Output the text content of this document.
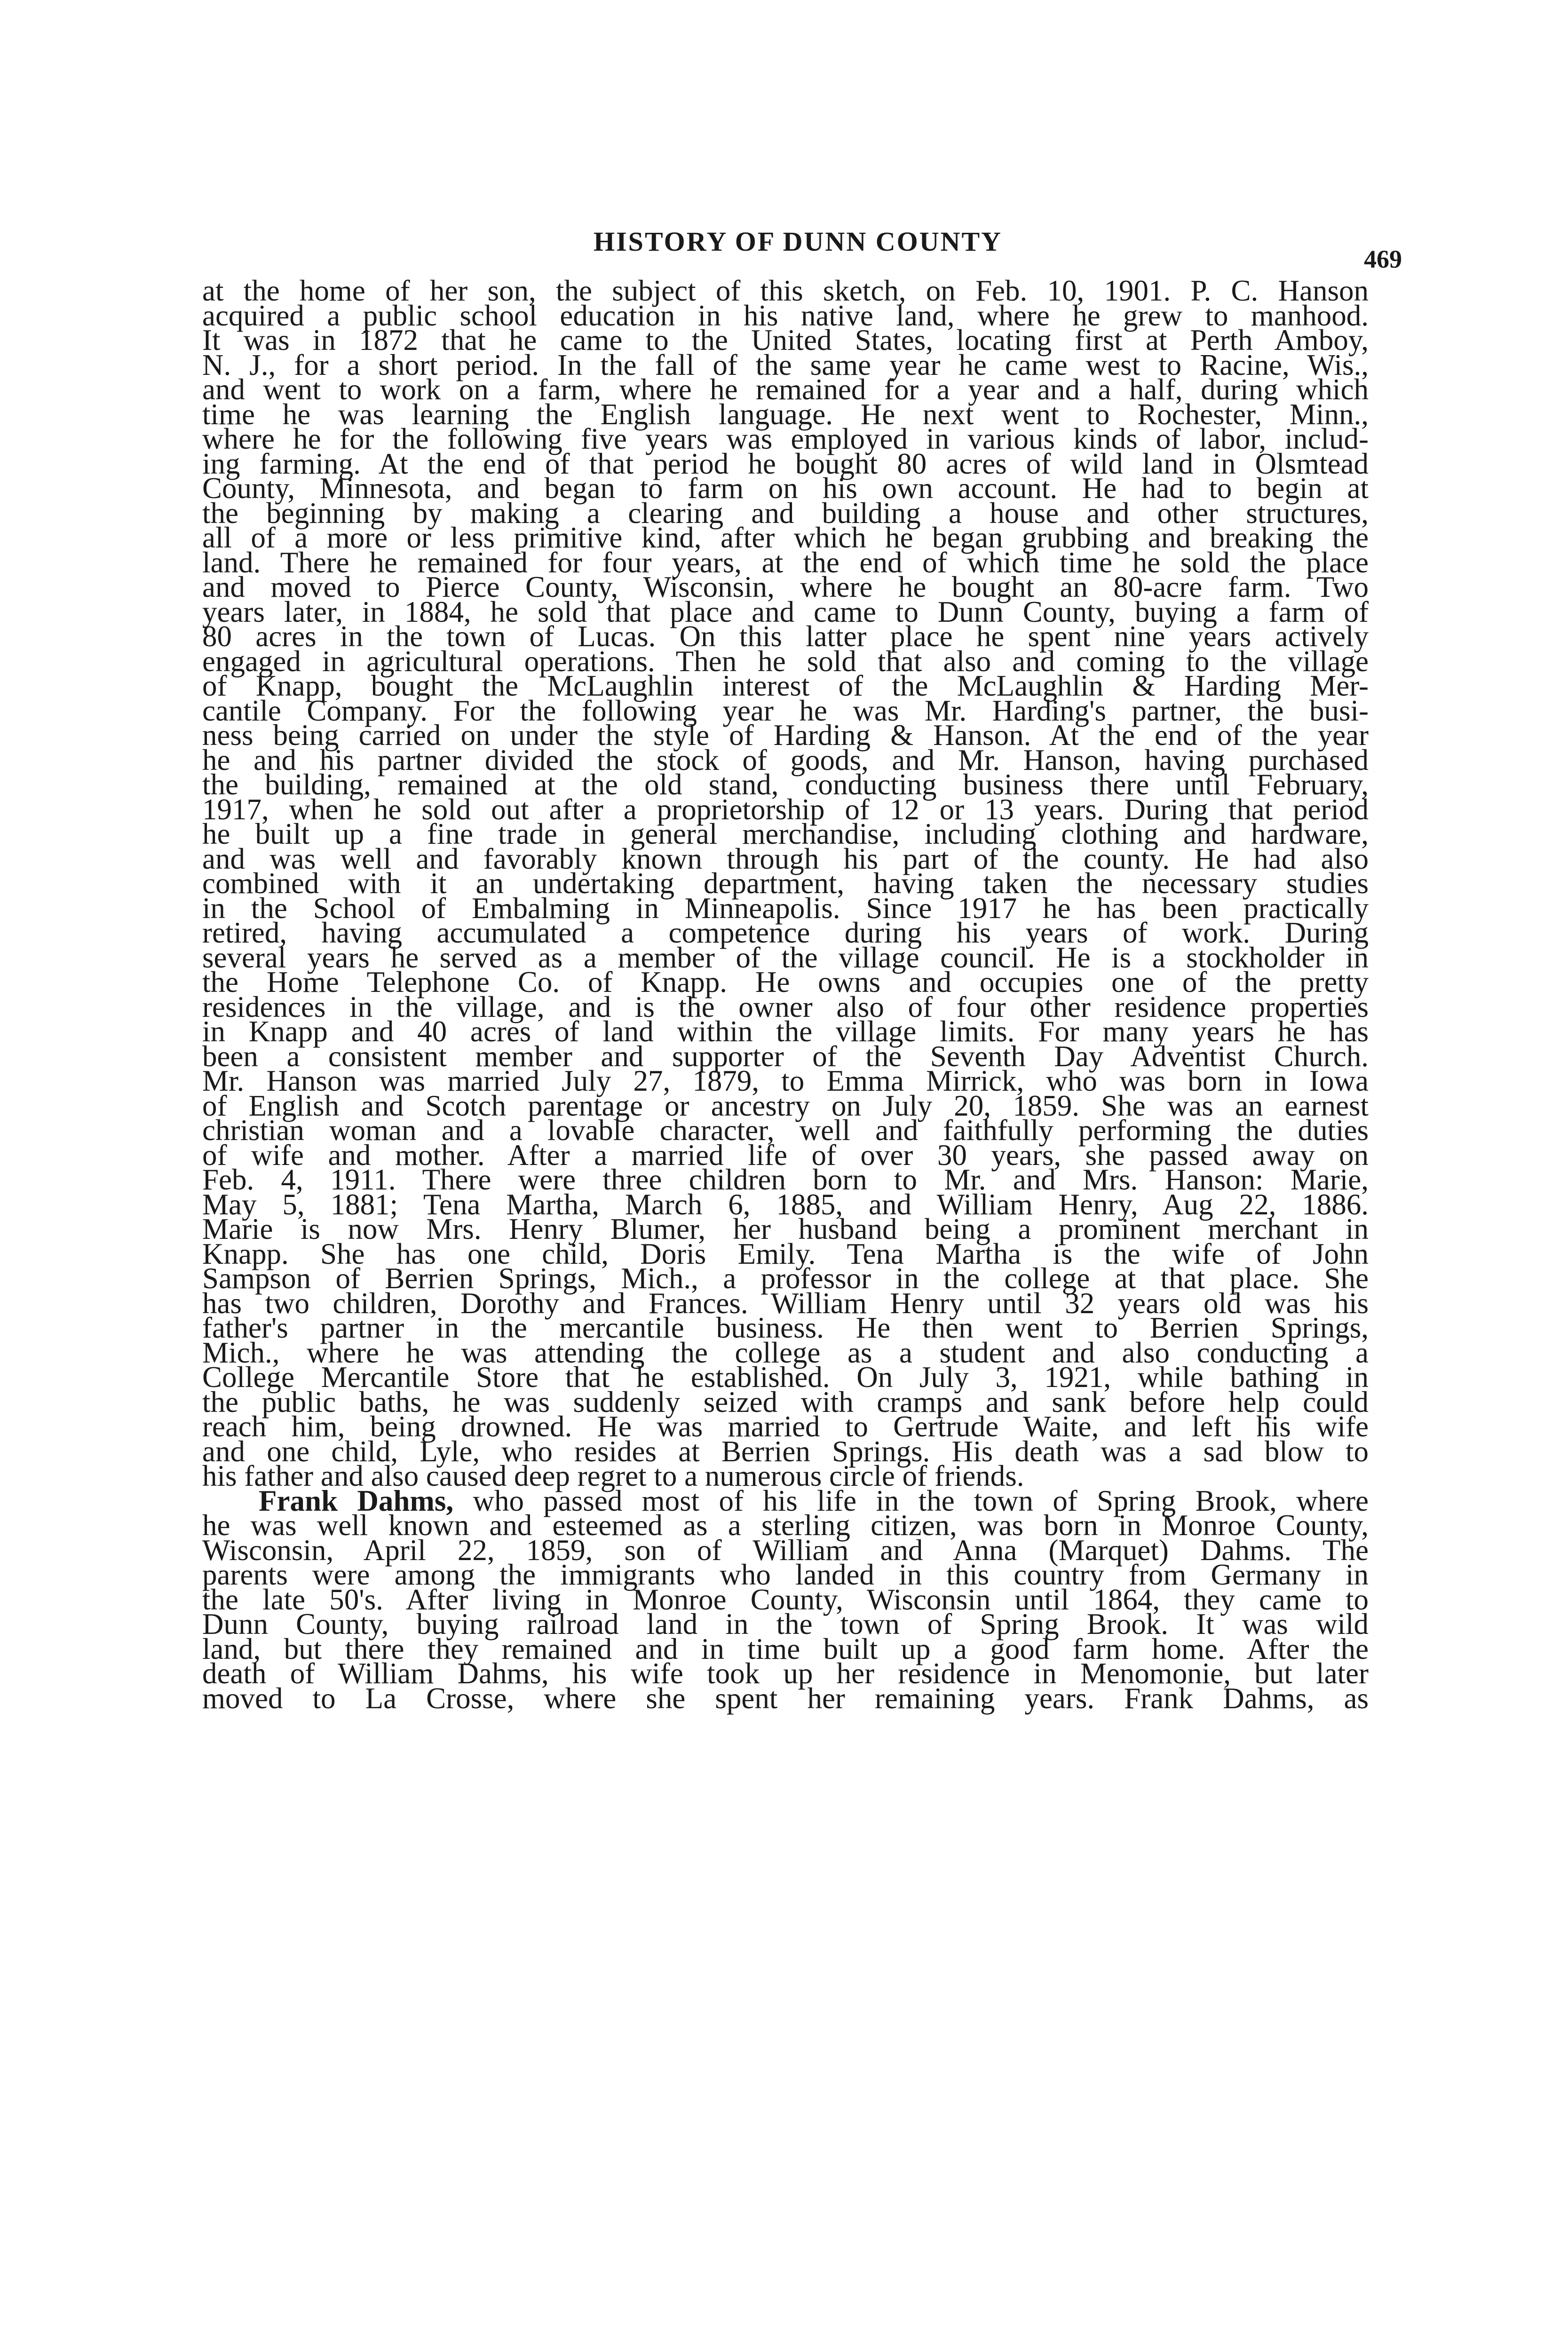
HISTORY OF DUNN COUNTY
469
at the home of her son, the subject of this sketch, on Feb. 10, 1901. P. C. Hanson
acquired a public school education in his native land, where he grew to manhood.
It was in 1872 that he came to the United States, locating first at Perth Amboy,
N. J., for a short period. In the fall of the same year he came west to Racine, Wis.,
and went to work on a farm, where he remained for a year and a half, during which
time he was learning the English language. He next went to Rochester, Minn.,
where he for the following five years was employed in various kinds of labor, includ-
ing farming. At the end of that period he bought 80 acres of wild land in Olsmtead
County, Minnesota, and began to farm on his own account. He had to begin at
the beginning by making a clearing and building a house and other structures,
all of a more or less primitive kind, after which he began grubbing and breaking the
land. There he remained for four years, at the end of which time he sold the place
and moved to Pierce County, Wisconsin, where he bought an 80-acre farm. Two
years later, in 1884, he sold that place and came to Dunn County, buying a farm of
80 acres in the town of Lucas. On this latter place he spent nine years actively
engaged in agricultural operations. Then he sold that also and coming to the village
of Knapp, bought the McLaughlin interest of the McLaughlin & Harding Mer-
cantile Company. For the following year he was Mr. Harding's partner, the busi-
ness being carried on under the style of Harding & Hanson. At the end of the year
he and his partner divided the stock of goods, and Mr. Hanson, having purchased
the building, remained at the old stand, conducting business there until February,
1917, when he sold out after a proprietorship of 12 or 13 years. During that period
he built up a fine trade in general merchandise, including clothing and hardware,
and was well and favorably known through his part of the county. He had also
combined with it an undertaking department, having taken the necessary studies
in the School of Embalming in Minneapolis. Since 1917 he has been practically
retired, having accumulated a competence during his years of work. During
several years he served as a member of the village council. He is a stockholder in
the Home Telephone Co. of Knapp. He owns and occupies one of the pretty
residences in the village, and is the owner also of four other residence properties
in Knapp and 40 acres of land within the village limits. For many years he has
been a consistent member and supporter of the Seventh Day Adventist Church.
Mr. Hanson was married July 27, 1879, to Emma Mirrick, who was born in Iowa
of English and Scotch parentage or ancestry on July 20, 1859. She was an earnest
christian woman and a lovable character, well and faithfully performing the duties
of wife and mother. After a married life of over 30 years, she passed away on
Feb. 4, 1911. There were three children born to Mr. and Mrs. Hanson: Marie,
May 5, 1881; Tena Martha, March 6, 1885, and William Henry, Aug 22, 1886.
Marie is now Mrs. Henry Blumer, her husband being a prominent merchant in
Knapp. She has one child, Doris Emily. Tena Martha is the wife of John
Sampson of Berrien Springs, Mich., a professor in the college at that place. She
has two children, Dorothy and Frances. William Henry until 32 years old was his
father's partner in the mercantile business. He then went to Berrien Springs,
Mich., where he was attending the college as a student and also conducting a
College Mercantile Store that he established. On July 3, 1921, while bathing in
the public baths, he was suddenly seized with cramps and sank before help could
reach him, being drowned. He was married to Gertrude Waite, and left his wife
and one child, Lyle, who resides at Berrien Springs. His death was a sad blow to
his father and also caused deep regret to a numerous circle of friends.
Frank Dahms, who passed most of his life in the town of Spring Brook, where
he was well known and esteemed as a sterling citizen, was born in Monroe County,
Wisconsin, April 22, 1859, son of William and Anna (Marquet) Dahms. The
parents were among the immigrants who landed in this country from Germany in
the late 50's. After living in Monroe County, Wisconsin until 1864, they came to
Dunn County, buying railroad land in the town of Spring Brook. It was wild
land, but there they remained and in time built up a good farm home. After the
death of William Dahms, his wife took up her residence in Menomonie, but later
moved to La Crosse, where she spent her remaining years. Frank Dahms, as
